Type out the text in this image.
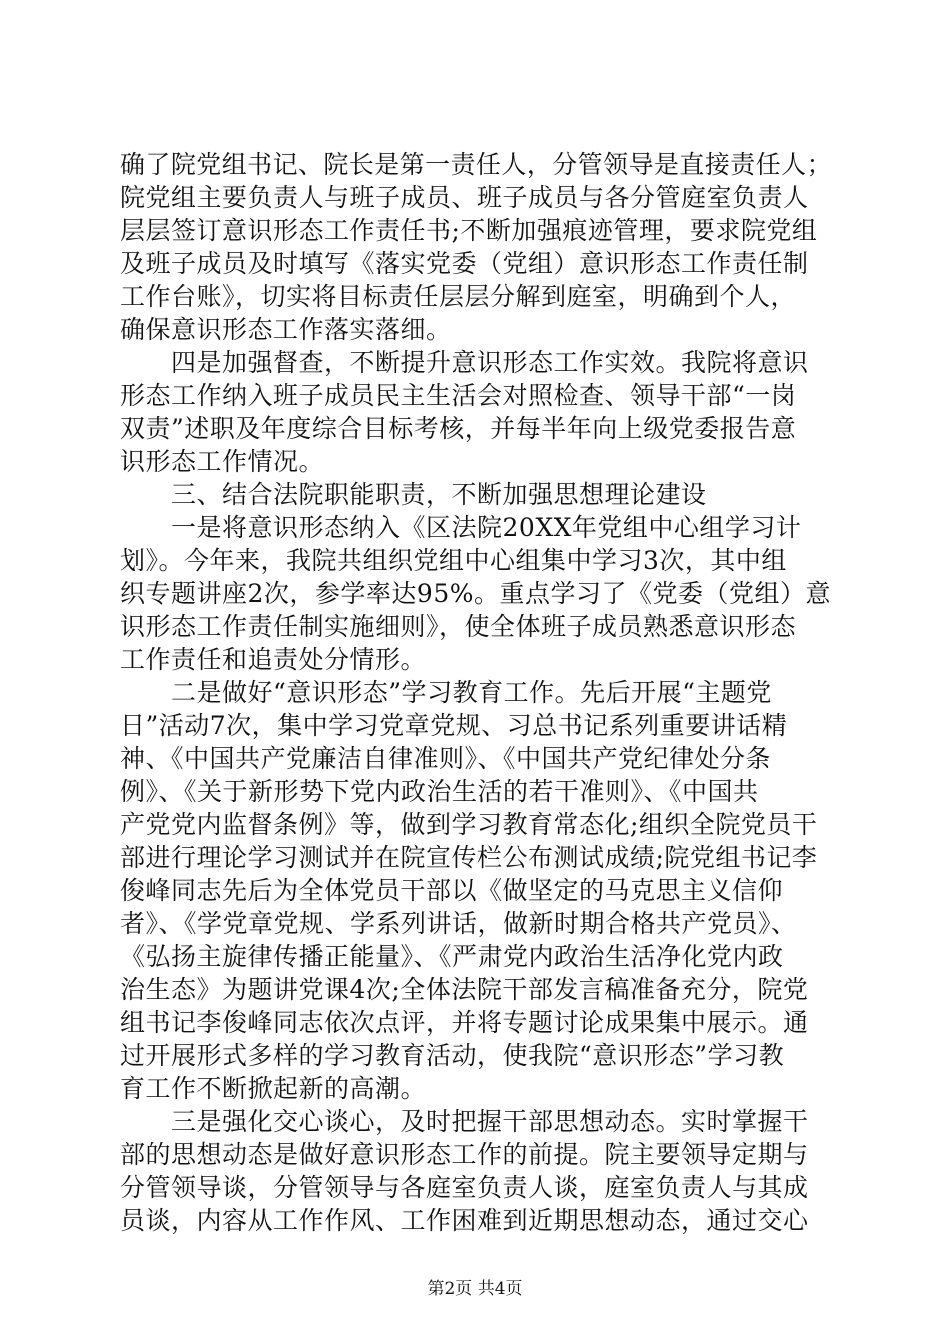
确了院党组书记、院长是第一责任人，分管领导是直接责任人；
院党组主要负责人与班子成员、班子成员与各分管庭室负责人
层层签订意识形态工作责任书;不断加强痕迹管理，要求院党组
及班子成员及时填写《落实党委（党组）意识形态工作责任制
工作台账》，切实将目标责任层层分解到庭室，明确到个人，
确保意识形态工作落实落细。
　　四是加强督查，不断提升意识形态工作实效。我院将意识
形态工作纳入班子成员民主生活会对照检查、领导干部“一岗
双责”述职及年度综合目标考核，并每半年向上级党委报告意
识形态工作情况。
　　三、结合法院职能职责，不断加强思想理论建设
　　一是将意识形态纳入《区法院20XX年党组中心组学习计
划》。今年来，我院共组织党组中心组集中学习3次，其中组
织专题讲座2次，参学率达95%。重点学习了《党委（党组）意
识形态工作责任制实施细则》，使全体班子成员熟悉意识形态
工作责任和追责处分情形。
　　二是做好“意识形态”学习教育工作。先后开展“主题党
日”活动7次，集中学习党章党规、习总书记系列重要讲话精
神、《中国共产党廉洁自律准则》、《中国共产党纪律处分条
例》、《关于新形势下党内政治生活的若干准则》、《中国共
产党党内监督条例》等，做到学习教育常态化;组织全院党员干
部进行理论学习测试并在院宣传栏公布测试成绩;院党组书记李
俊峰同志先后为全体党员干部以《做坚定的马克思主义信仰
者》、《学党章党规、学系列讲话，做新时期合格共产党员》、
《弘扬主旋律传播正能量》、《严肃党内政治生活净化党内政
治生态》为题讲党课4次;全体法院干部发言稿准备充分，院党
组书记李俊峰同志依次点评，并将专题讨论成果集中展示。通
过开展形式多样的学习教育活动，使我院“意识形态”学习教
育工作不断掀起新的高潮。
　　三是强化交心谈心，及时把握干部思想动态。实时掌握干
部的思想动态是做好意识形态工作的前提。院主要领导定期与
分管领导谈，分管领导与各庭室负责人谈，庭室负责人与其成
员谈，内容从工作作风、工作困难到近期思想动态，通过交心
第2页 共4页
